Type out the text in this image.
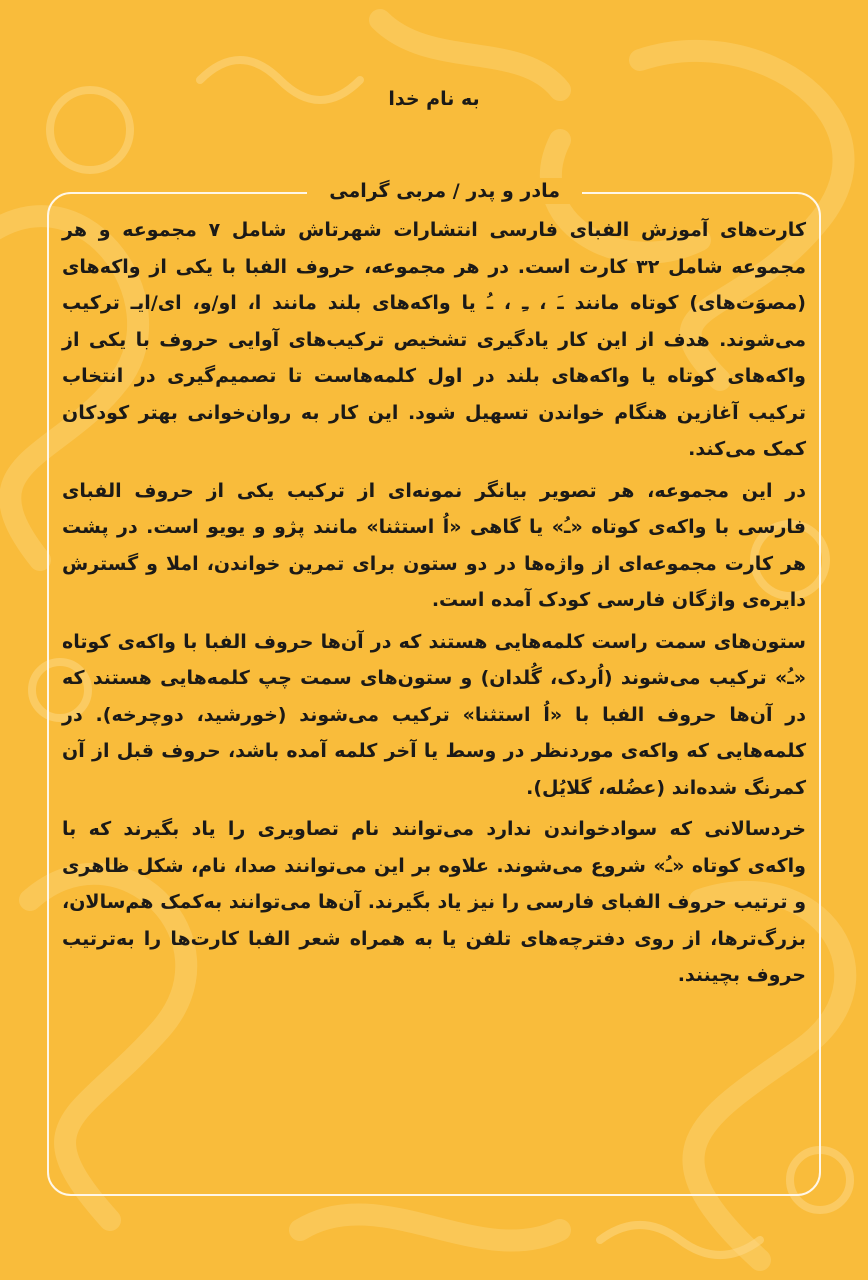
به نام خدا
مادر و پدر / مربی گرامی

کارت‌های آموزش الفبای فارسی انتشارات شهرتاش شامل ۷ مجموعه و هر مجموعه شامل ۳۲ کارت است. در هر مجموعه، حروف الفبا با یکی از واکه‌های (مصوَت‌های) کوتاه مانند ـَ ، ـِ ، ـُ یا واکه‌های بلند مانند ا، او/و، ای/ایـ ترکیب می‌شوند. هدف از این کار یادگیری تشخیص ترکیب‌های آوایی حروف با یکی از واکه‌های کوتاه یا واکه‌های بلند در اول کلمه‌هاست تا تصمیم‌گیری در انتخاب ترکیب آغازین هنگام خواندن تسهیل شود. این کار به روان‌خوانی بهتر کودکان کمک می‌کند.

در این مجموعه، هر تصویر بیانگر نمونه‌ای از ترکیب یکی از حروف الفبای فارسی با واکه‌ی کوتاه «ـُ» یا گاهی «اُ استثنا» مانند پژو و یویو است. در پشت هر کارت مجموعه‌ای از واژه‌ها در دو ستون برای تمرین خواندن، املا و گسترش دایره‌ی واژگان فارسی کودک آمده است.

ستون‌های سمت راست کلمه‌هایی هستند که در آن‌ها حروف الفبا با واکه‌ی کوتاه «ـُ» ترکیب می‌شوند (اُردک، گُلدان) و ستون‌های سمت چپ کلمه‌هایی هستند که در آن‌ها حروف الفبا با «اُ استثنا» ترکیب می‌شوند (خورشید، دوچرخه). در کلمه‌هایی که واکه‌ی موردنظر در وسط یا آخر کلمه آمده باشد، حروف قبل از آن کمرنگ شده‌اند (عضُله، گلایُل).

خردسالانی که سوادخواندن ندارد می‌توانند نام تصاویری را یاد بگیرند که با واکه‌ی کوتاه «ـُ» شروع می‌شوند. علاوه بر این می‌توانند صدا، نام، شکل ظاهری و ترتیب حروف الفبای فارسی را نیز یاد بگیرند. آن‌ها می‌توانند به‌کمک هم‌سالان، بزرگ‌ترها، از روی دفترچه‌های تلفن یا به همراه شعر الفبا کارت‌ها را به‌ترتیب حروف بچینند.
